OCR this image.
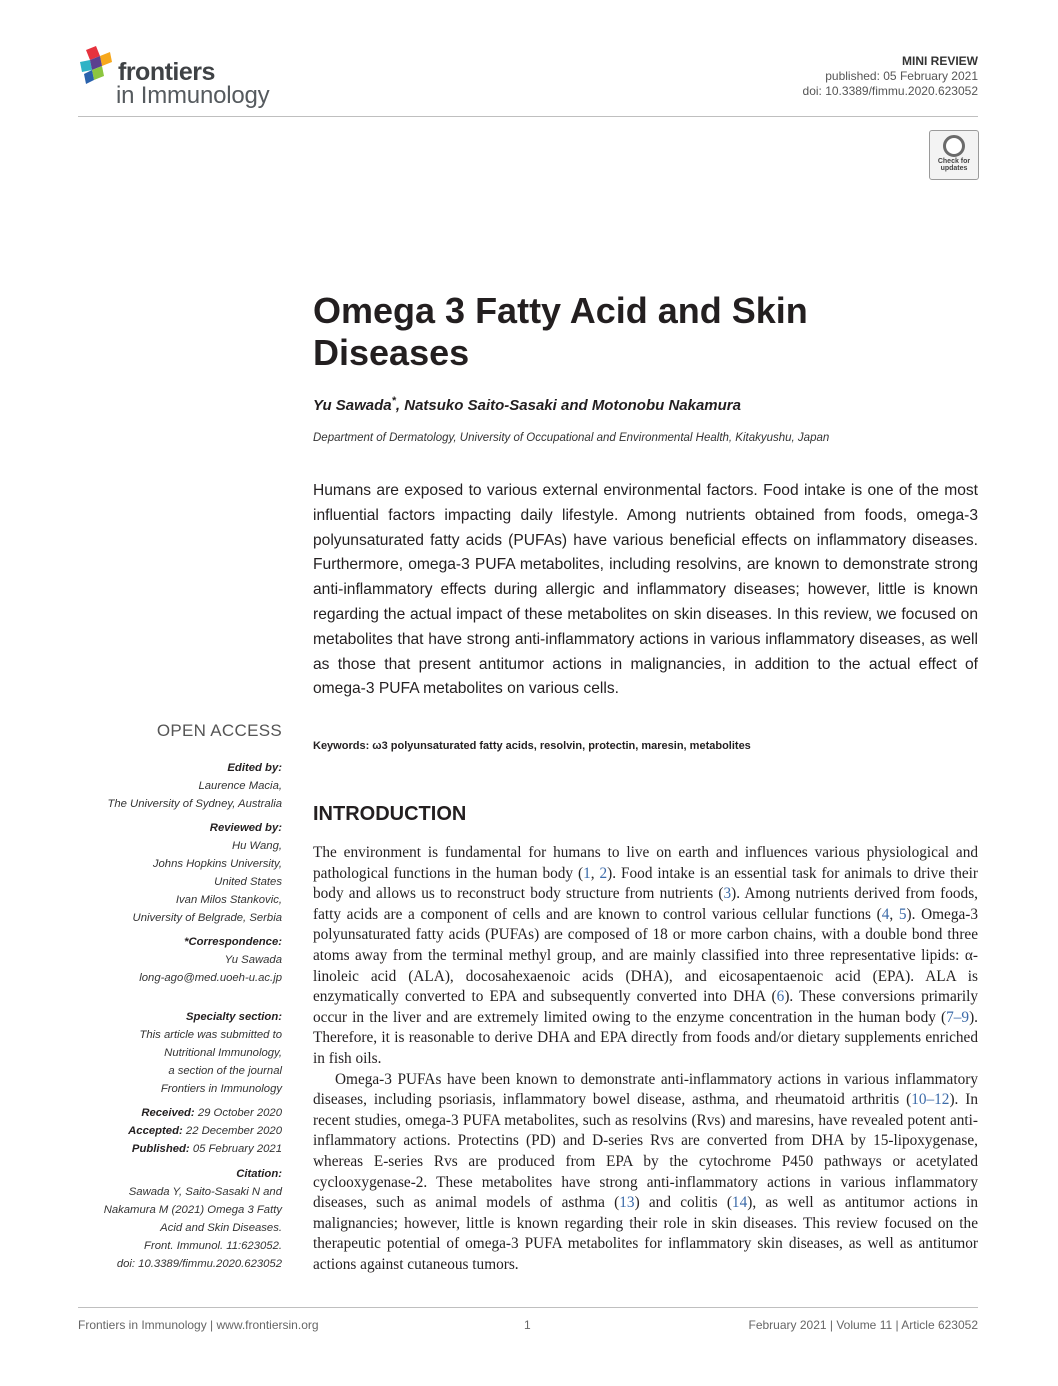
frontiers
in Immunology
MINI REVIEW
published: 05 February 2021
doi: 10.3389/fimmu.2020.623052
Check for
updates
Omega 3 Fatty Acid and Skin Diseases
Yu Sawada*, Natsuko Saito-Sasaki and Motonobu Nakamura
Department of Dermatology, University of Occupational and Environmental Health, Kitakyushu, Japan
Humans are exposed to various external environmental factors. Food intake is one of the most influential factors impacting daily lifestyle. Among nutrients obtained from foods, omega-3 polyunsaturated fatty acids (PUFAs) have various beneficial effects on inflammatory diseases. Furthermore, omega-3 PUFA metabolites, including resolvins, are known to demonstrate strong anti-inflammatory effects during allergic and inflammatory diseases; however, little is known regarding the actual impact of these metabolites on skin diseases. In this review, we focused on metabolites that have strong anti-inflammatory actions in various inflammatory diseases, as well as those that present antitumor actions in malignancies, in addition to the actual effect of omega-3 PUFA metabolites on various cells.
Keywords: ω3 polyunsaturated fatty acids, resolvin, protectin, maresin, metabolites
INTRODUCTION

The environment is fundamental for humans to live on earth and influences various physiological and pathological functions in the human body (1, 2). Food intake is an essential task for animals to drive their body and allows us to reconstruct body structure from nutrients (3). Among nutrients derived from foods, fatty acids are a component of cells and are known to control various cellular functions (4, 5). Omega-3 polyunsaturated fatty acids (PUFAs) are composed of 18 or more carbon chains, with a double bond three atoms away from the terminal methyl group, and are mainly classified into three representative lipids: α-linoleic acid (ALA), docosahexaenoic acids (DHA), and eicosapentaenoic acid (EPA). ALA is enzymatically converted to EPA and subsequently converted into DHA (6). These conversions primarily occur in the liver and are extremely limited owing to the enzyme concentration in the human body (7–9). Therefore, it is reasonable to derive DHA and EPA directly from foods and/or dietary supplements enriched in fish oils.

Omega-3 PUFAs have been known to demonstrate anti-inflammatory actions in various inflammatory diseases, including psoriasis, inflammatory bowel disease, asthma, and rheumatoid arthritis (10–12). In recent studies, omega-3 PUFA metabolites, such as resolvins (Rvs) and maresins, have revealed potent anti-inflammatory actions. Protectins (PD) and D-series Rvs are converted from DHA by 15-lipoxygenase, whereas E-series Rvs are produced from EPA by the cytochrome P450 pathways or acetylated cyclooxygenase-2. These metabolites have strong anti-inflammatory actions in various inflammatory diseases, such as animal models of asthma (13) and colitis (14), as well as antitumor actions in malignancies; however, little is known regarding their role in skin diseases. This review focused on the therapeutic potential of omega-3 PUFA metabolites for inflammatory skin diseases, as well as antitumor actions against cutaneous tumors.

OPEN ACCESS
Edited by:
Laurence Macia,
The University of Sydney, Australia
Reviewed by:
Hu Wang,
Johns Hopkins University,
United States
Ivan Milos Stankovic,
University of Belgrade, Serbia
*Correspondence:
Yu Sawada
long-ago@med.uoeh-u.ac.jp
Specialty section:
This article was submitted to
Nutritional Immunology,
a section of the journal
Frontiers in Immunology
Received: 29 October 2020
Accepted: 22 December 2020
Published: 05 February 2021
Citation:
Sawada Y, Saito-Sasaki N and
Nakamura M (2021) Omega 3 Fatty
Acid and Skin Diseases.
Front. Immunol. 11:623052.
doi: 10.3389/fimmu.2020.623052
Frontiers in Immunology | www.frontiersin.org	1	February 2021 | Volume 11 | Article 623052
